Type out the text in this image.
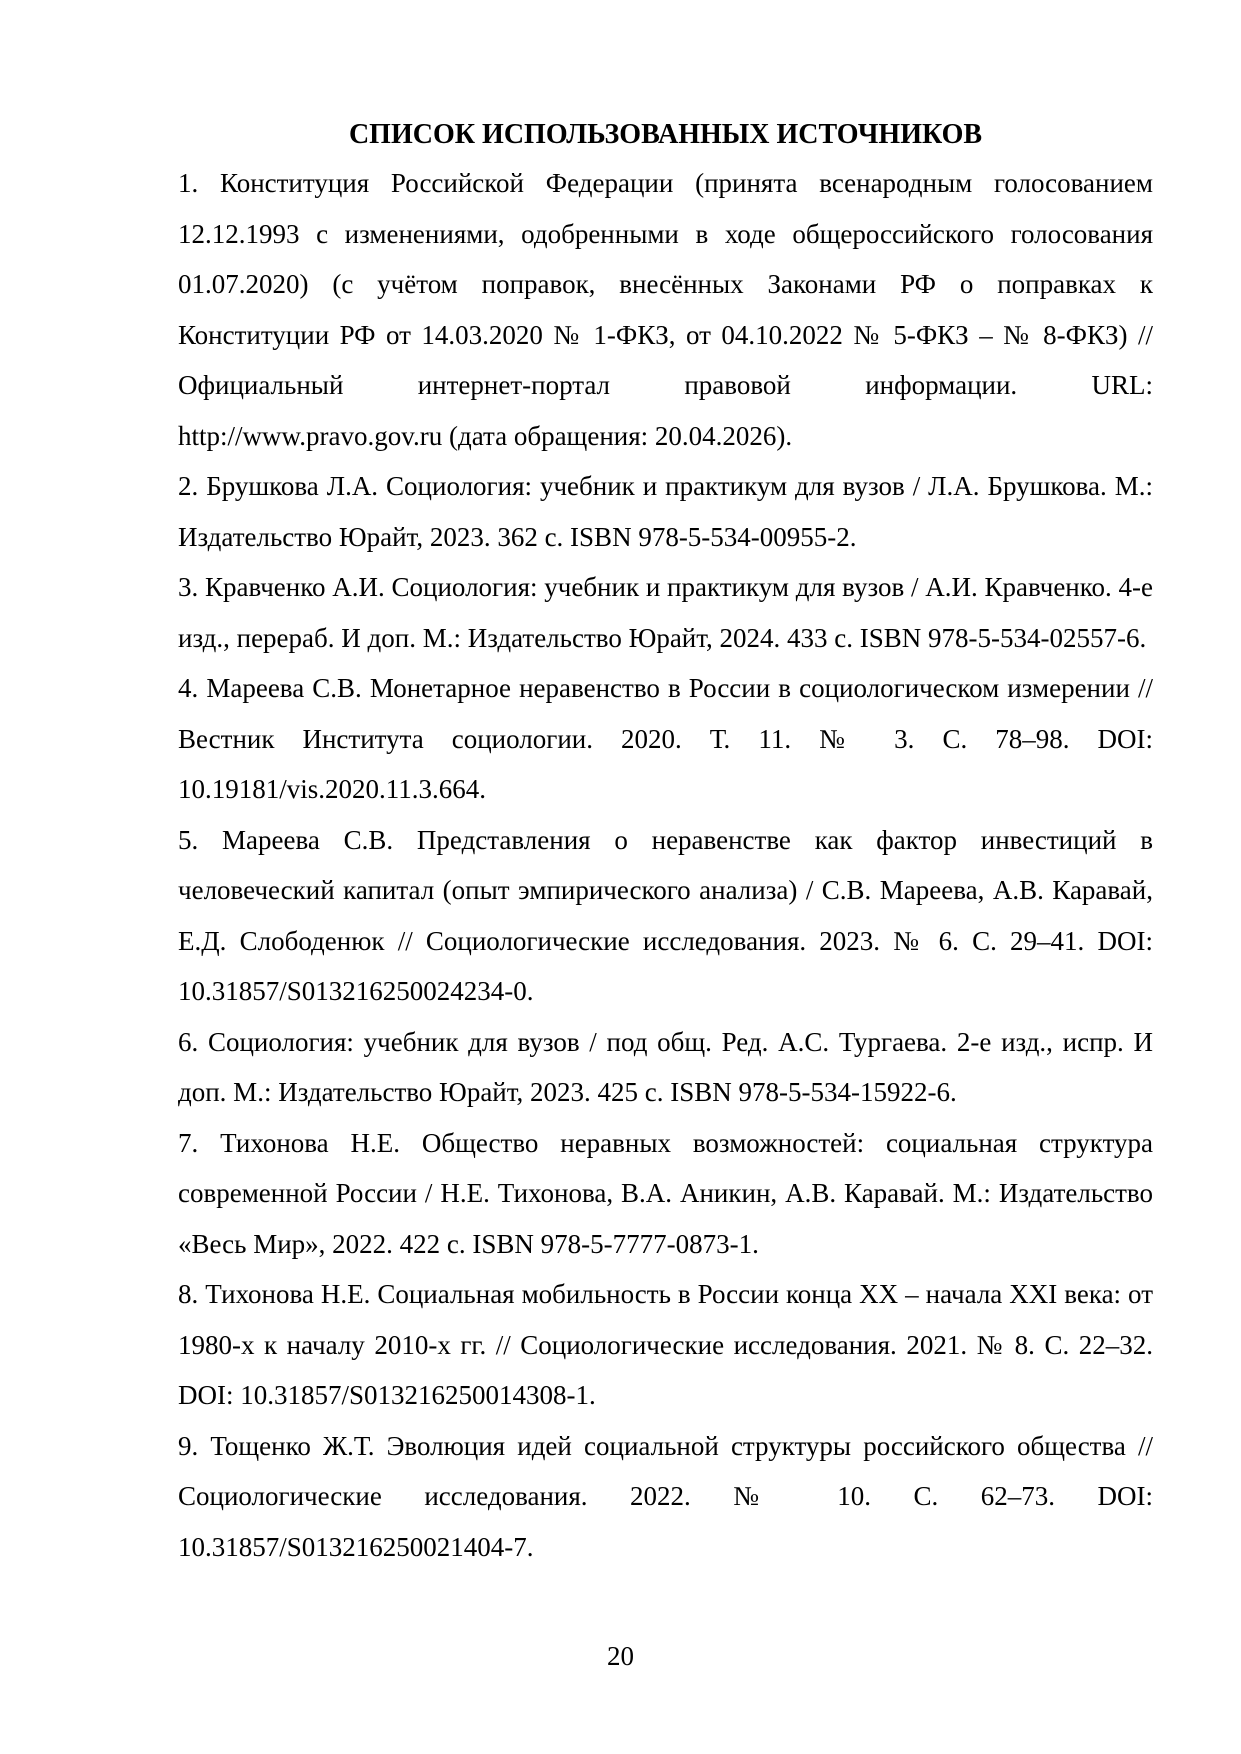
СПИСОК ИСПОЛЬЗОВАННЫХ ИСТОЧНИКОВ
1. Конституция Российской Федерации (принята всенародным голосованием 12.12.1993 с изменениями, одобренными в ходе общероссийского голосования 01.07.2020) (с учётом поправок, внесённых Законами РФ о поправках к Конституции РФ от 14.03.2020 № 1-ФКЗ, от 04.10.2022 № 5-ФКЗ – № 8-ФКЗ) // Официальный интернет-портал правовой информации. URL: http://www.pravo.gov.ru (дата обращения: 20.04.2026).
2. Брушкова Л.А. Социология: учебник и практикум для вузов / Л.А. Брушкова. М.: Издательство Юрайт, 2023. 362 с. ISBN 978-5-534-00955-2.
3. Кравченко А.И. Социология: учебник и практикум для вузов / А.И. Кравченко. 4-е изд., перераб. И доп. М.: Издательство Юрайт, 2024. 433 с. ISBN 978-5-534-02557-6.
4. Мареева С.В. Монетарное неравенство в России в социологическом измерении // Вестник Института социологии. 2020. Т. 11. № 3. С. 78–98. DOI: 10.19181/vis.2020.11.3.664.
5. Мареева С.В. Представления о неравенстве как фактор инвестиций в человеческий капитал (опыт эмпирического анализа) / С.В. Мареева, А.В. Каравай, Е.Д. Слободенюк // Социологические исследования. 2023. № 6. С. 29–41. DOI: 10.31857/S013216250024234-0.
6. Социология: учебник для вузов / под общ. Ред. А.С. Тургаева. 2-е изд., испр. И доп. М.: Издательство Юрайт, 2023. 425 с. ISBN 978-5-534-15922-6.
7. Тихонова Н.Е. Общество неравных возможностей: социальная структура современной России / Н.Е. Тихонова, В.А. Аникин, А.В. Каравай. М.: Издательство «Весь Мир», 2022. 422 с. ISBN 978-5-7777-0873-1.
8. Тихонова Н.Е. Социальная мобильность в России конца XX – начала XXI века: от 1980-х к началу 2010-х гг. // Социологические исследования. 2021. № 8. С. 22–32. DOI: 10.31857/S013216250014308-1.
9. Тощенко Ж.Т. Эволюция идей социальной структуры российского общества // Социологические исследования. 2022. № 10. С. 62–73. DOI: 10.31857/S013216250021404-7.
20
